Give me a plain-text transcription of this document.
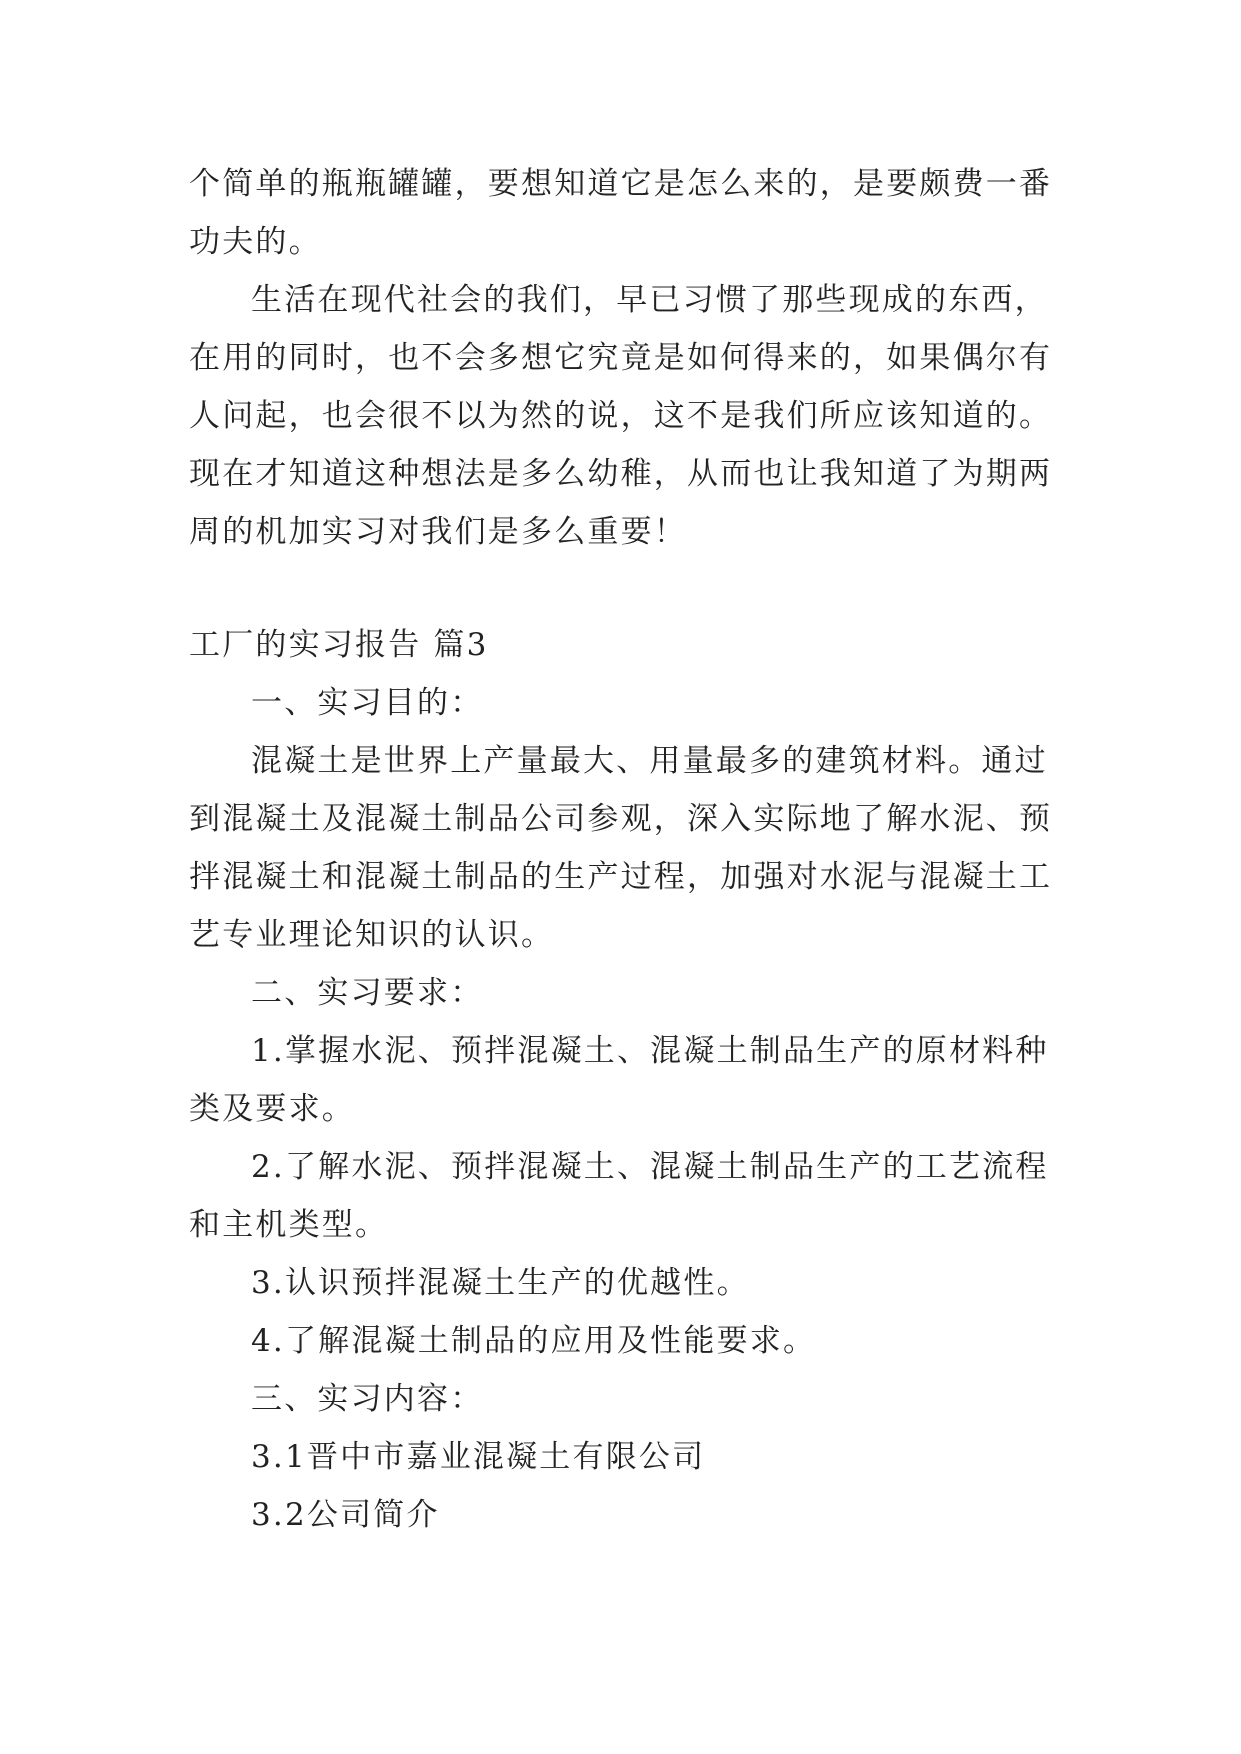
个简单的瓶瓶罐罐，要想知道它是怎么来的，是要颇费一番
功夫的。
生活在现代社会的我们，早已习惯了那些现成的东西，
在用的同时，也不会多想它究竟是如何得来的，如果偶尔有
人问起，也会很不以为然的说，这不是我们所应该知道的。
现在才知道这种想法是多么幼稚，从而也让我知道了为期两
周的机加实习对我们是多么重要！
工厂的实习报告 篇3
一、实习目的：
混凝土是世界上产量最大、用量最多的建筑材料。通过
到混凝土及混凝土制品公司参观，深入实际地了解水泥、预
拌混凝土和混凝土制品的生产过程，加强对水泥与混凝土工
艺专业理论知识的认识。
二、实习要求：
1.掌握水泥、预拌混凝土、混凝土制品生产的原材料种
类及要求。
2.了解水泥、预拌混凝土、混凝土制品生产的工艺流程
和主机类型。
3.认识预拌混凝土生产的优越性。
4.了解混凝土制品的应用及性能要求。
三、实习内容：
3.1晋中市嘉业混凝土有限公司
3.2公司简介
